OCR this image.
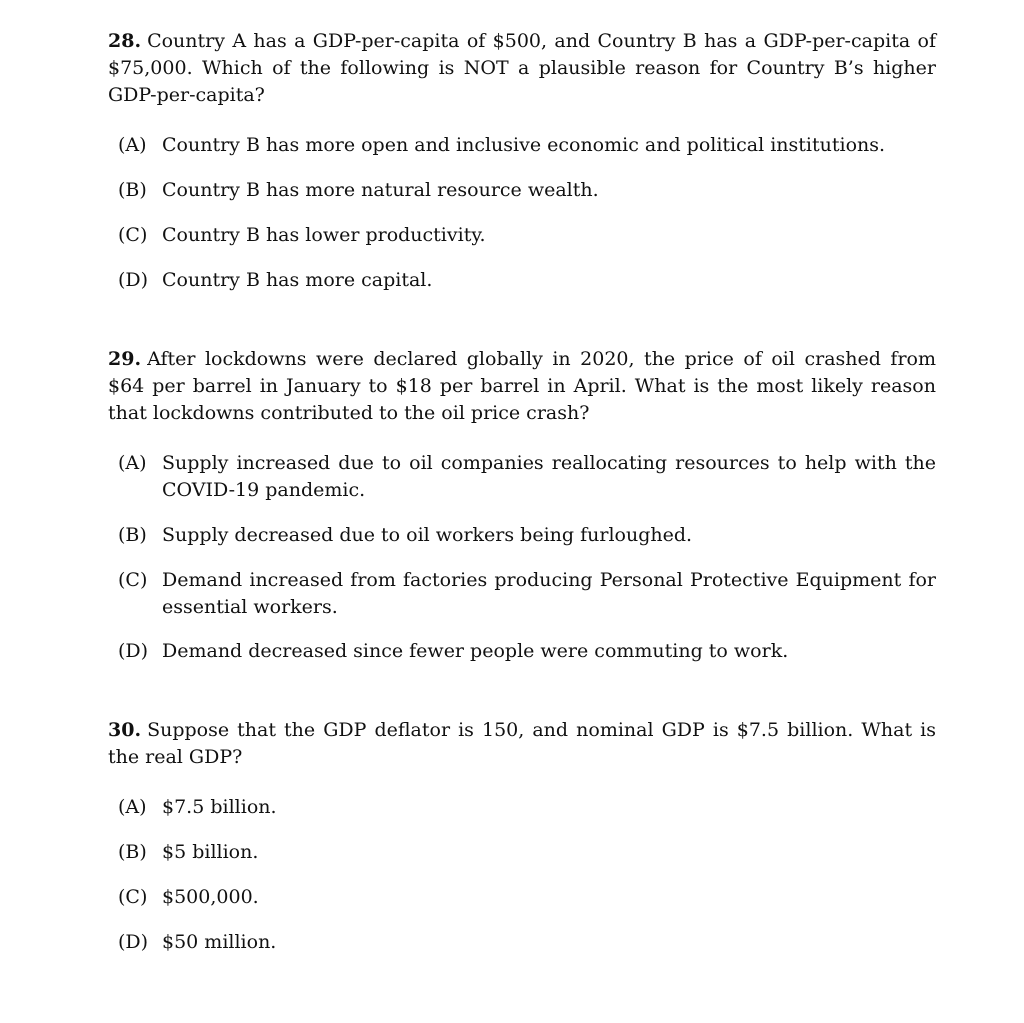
28. Country A has a GDP-per-capita of $500, and Country B has a GDP-per-capita of $75,000. Which of the following is NOT a plausible reason for Country B’s higher GDP-per-capita?

(A) Country B has more open and inclusive economic and political institutions.
(B) Country B has more natural resource wealth.
(C) Country B has lower productivity.
(D) Country B has more capital.

29. After lockdowns were declared globally in 2020, the price of oil crashed from $64 per barrel in January to $18 per barrel in April. What is the most likely reason that lockdowns contributed to the oil price crash?

(A) Supply increased due to oil companies reallocating resources to help with the COVID-19 pandemic.
(B) Supply decreased due to oil workers being furloughed.
(C) Demand increased from factories producing Personal Protective Equipment for essential workers.
(D) Demand decreased since fewer people were commuting to work.

30. Suppose that the GDP deflator is 150, and nominal GDP is $7.5 billion. What is the real GDP?

(A) $7.5 billion.
(B) $5 billion.
(C) $500,000.
(D) $50 million.
